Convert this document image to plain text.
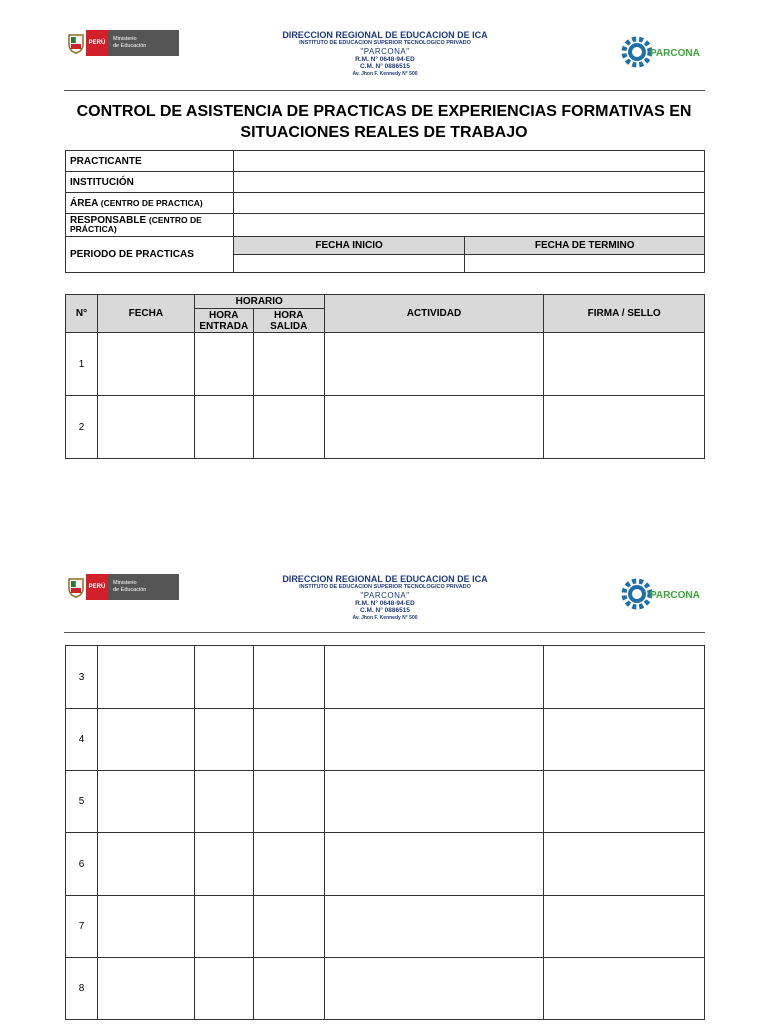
PERÚ
Ministerio
de Educación
DIRECCION REGIONAL DE EDUCACION DE ICA
INSTITUTO DE EDUCACION SUPERIOR TECNOLOGICO PRIVADO
"PARCONA"
R.M. N° 0648-94-ED
C.M. N° 0886515
Av. Jhon F. Kennedy N° 500
PARCONA
CONTROL DE ASISTENCIA DE PRACTICAS DE EXPERIENCIAS FORMATIVAS EN
SITUACIONES REALES DE TRABAJO
PRACTICANTE		
INSTITUCIÓN		
ÁREA (CENTRO DE PRACTICA)		
RESPONSABLE (CENTRO DE
PRÁCTICA)		
PERIODO DE PRACTICAS	FECHA INICIO	FECHA DE TERMINO

N°	FECHA	HORARIO		ACTIVIDAD	FIRMA / SELLO
		HORA
ENTRADA	HORA
SALIDA		
1					
2					
PERÚ
Ministerio
de Educación
DIRECCION REGIONAL DE EDUCACION DE ICA
INSTITUTO DE EDUCACION SUPERIOR TECNOLOGICO PRIVADO
"PARCONA"
R.M. N° 0648-94-ED
C.M. N° 0886515
Av. Jhon F. Kennedy N° 500
PARCONA
3					
4					
5					
6					
7					
8					
